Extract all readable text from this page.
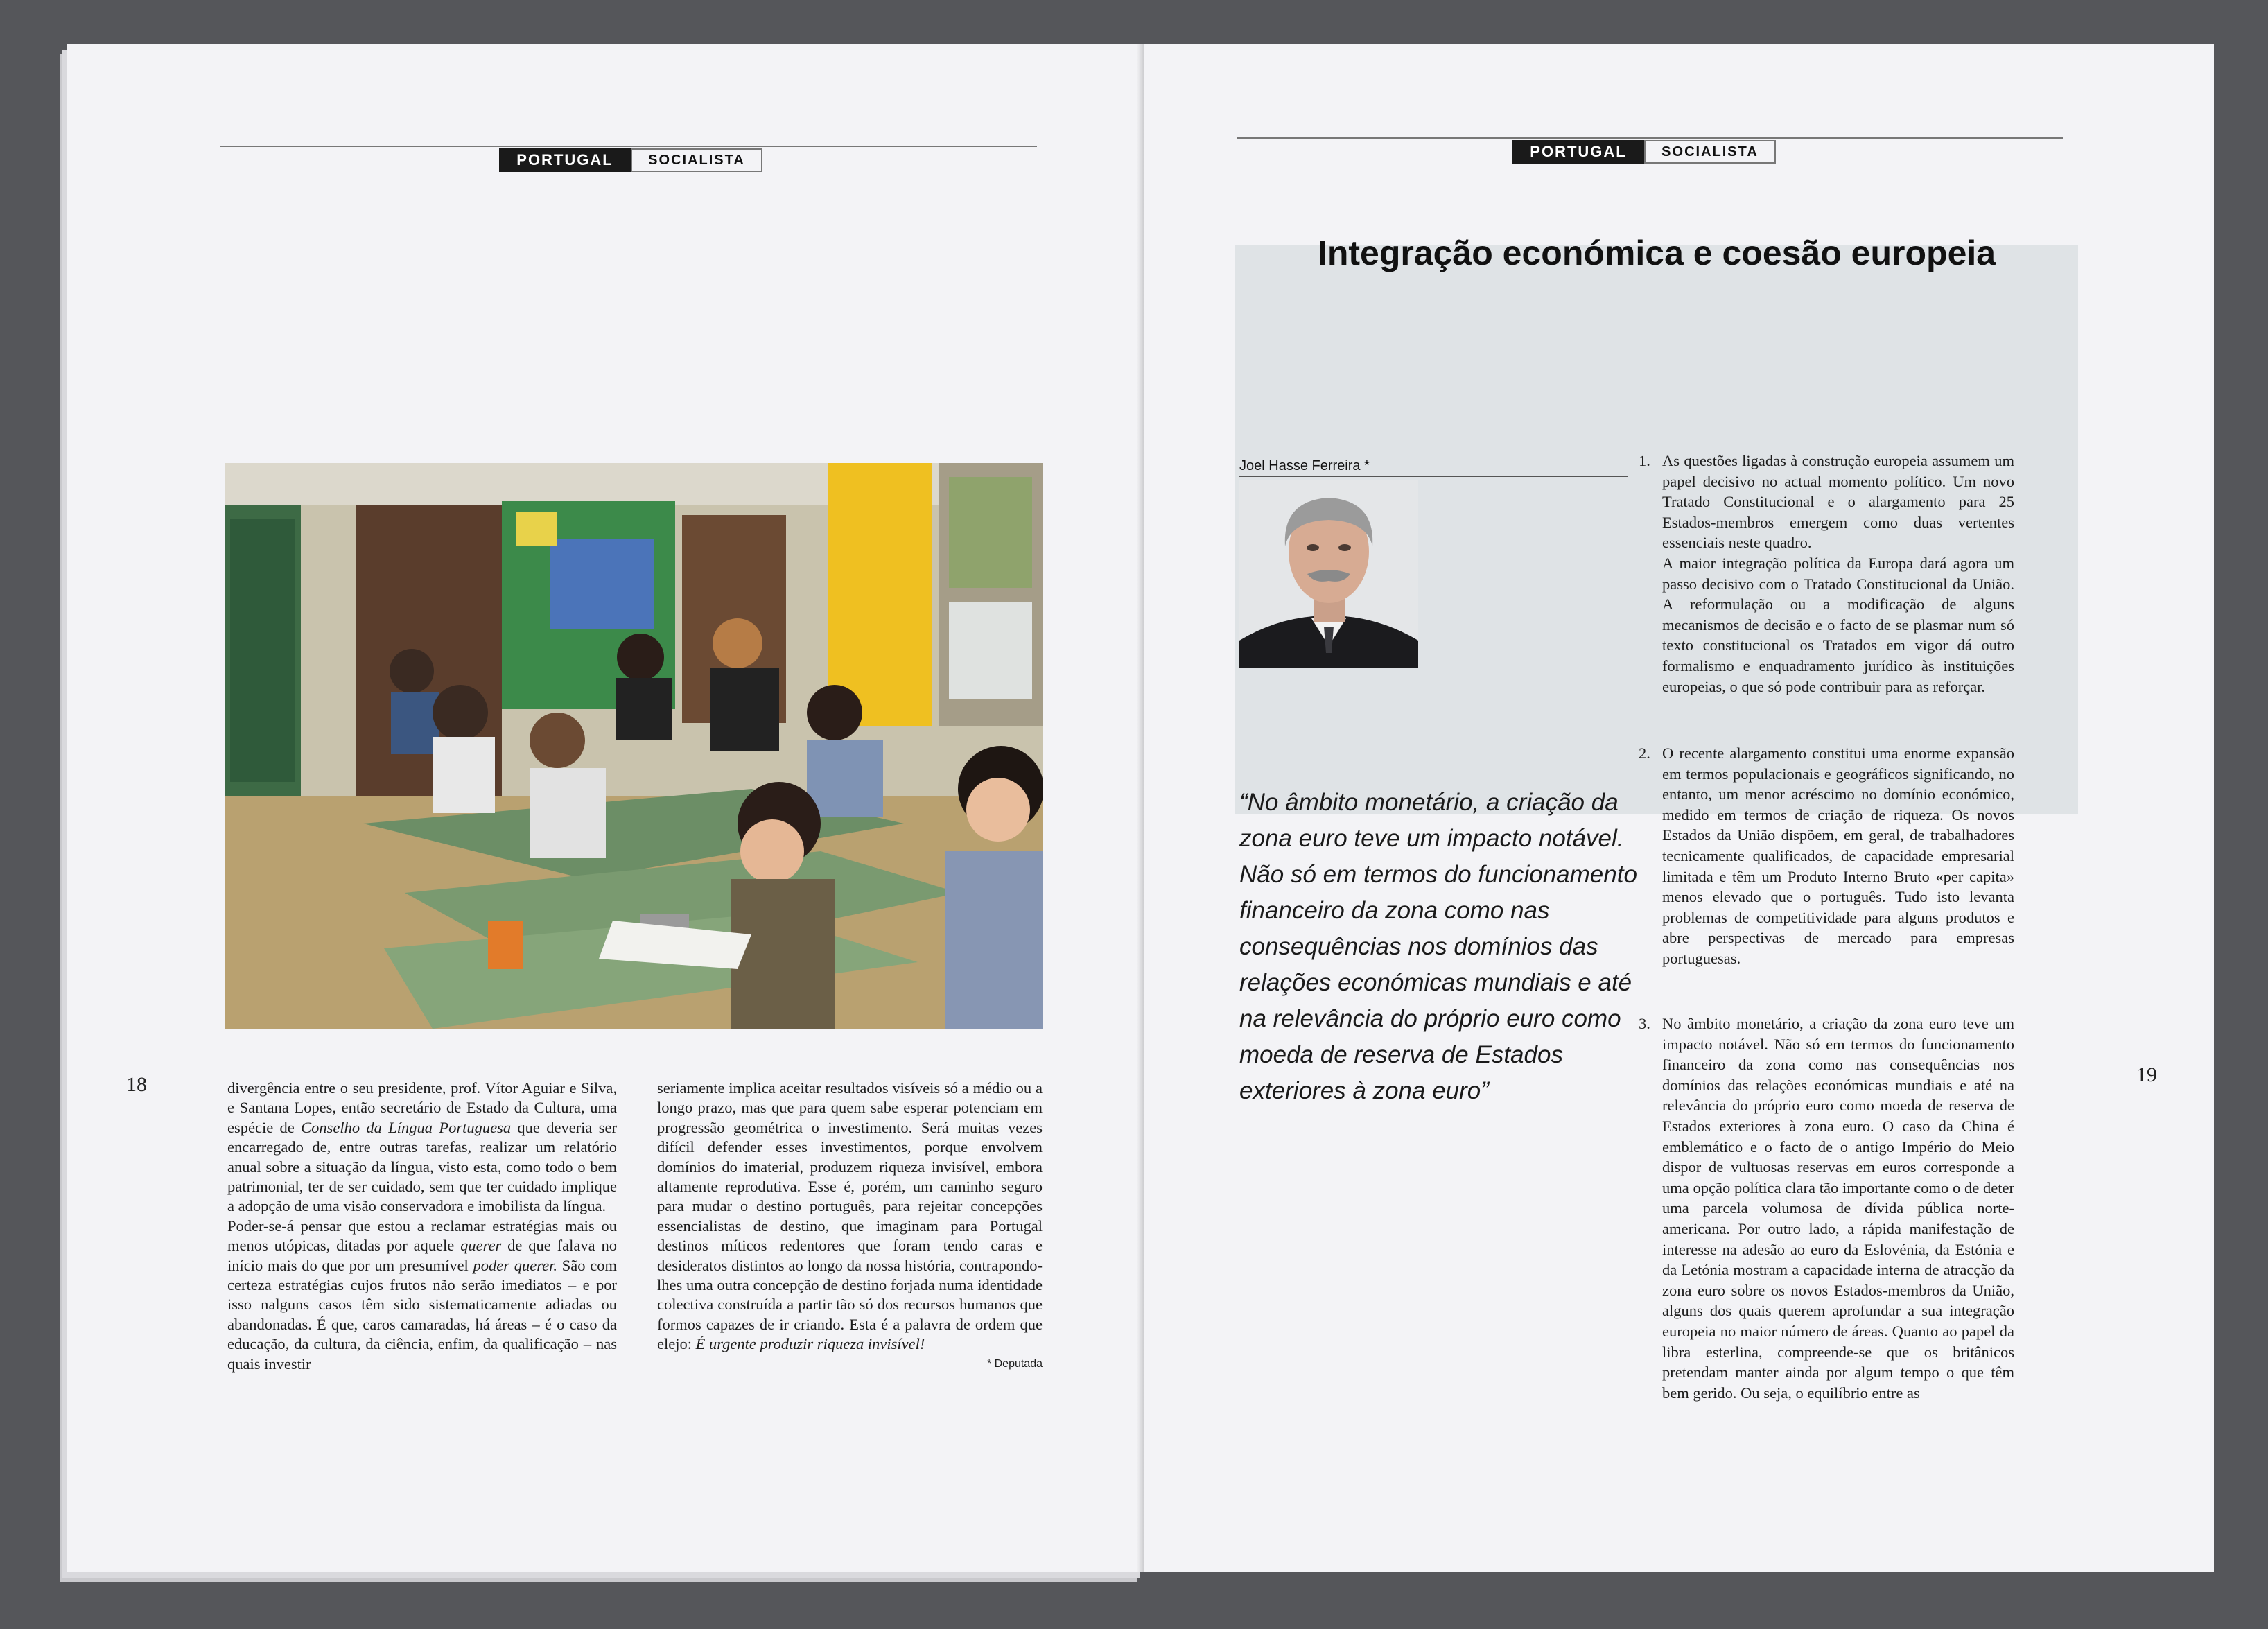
PORTUGAL	SOCIALISTA
18	divergência entre o seu presidente, prof. Vítor Aguiar e Silva, e Santana Lopes, então secretário de Estado da Cultura, uma espécie de Conselho da Língua Portuguesa que deveria ser encarregado de, entre outras tarefas, realizar um relatório anual sobre a situação da língua, visto esta, como todo o bem patrimonial, ter de ser cuidado, sem que ter cuidado implique a adopção de uma visão conservadora e imobilista da língua.

Poder-se-á pensar que estou a reclamar estratégias mais ou menos utópicas, ditadas por aquele querer de que falava no início mais do que por um presumível poder querer. São com certeza estratégias cujos frutos não serão imediatos – e por isso nalguns casos têm sido sistematicamente adiadas ou abandonadas. É que, caros camaradas, há áreas – é o caso da educação, da cultura, da ciência, enfim, da qualificação – nas quais investir

seriamente implica aceitar resultados visíveis só a médio ou a longo prazo, mas que para quem sabe esperar potenciam em progressão geométrica o investimento. Será muitas vezes difícil defender esses investimentos, porque envolvem domínios do imaterial, produzem riqueza invisível, embora altamente reprodutiva. Esse é, porém, um caminho seguro para mudar o destino português, para rejeitar concepções essencialistas de destino, que imaginam para Portugal destinos míticos redentores que foram tendo caras e desideratos distintos ao longo da nossa história, contrapondo-lhes uma outra concepção de destino forjada numa identidade colectiva construída a partir tão só dos recursos humanos que formos capazes de ir criando. Esta é a palavra de ordem que elejo: É urgente produzir riqueza invisível!

* Deputada

PORTUGAL	SOCIALISTA
Integração económica e coesão europeia
Joel Hasse Ferreira *
“No âmbito monetário, a criação da zona euro teve um impacto notável. Não só em termos do funcionamento financeiro da zona como nas consequências nos domínios das relações económicas mundiais e até na relevância do próprio euro como moeda de reserva de Estados exteriores à zona euro”
19
1. As questões ligadas à construção europeia assumem um papel decisivo no actual momento político. Um novo Tratado Constitucional e o alargamento para 25 Estados-membros emergem como duas vertentes essenciais neste quadro.
A maior integração política da Europa dará agora um passo decisivo com o Tratado Constitucional da União. A reformulação ou a modificação de alguns mecanismos de decisão e o facto de se plasmar num só texto constitucional os Tratados em vigor dá outro formalismo e enquadramento jurídico às instituições europeias, o que só pode contribuir para as reforçar.
2. O recente alargamento constitui uma enorme expansão em termos populacionais e geográficos significando, no entanto, um menor acréscimo no domínio económico, medido em termos de criação de riqueza. Os novos Estados da União dispõem, em geral, de trabalhadores tecnicamente qualificados, de capacidade empresarial limitada e têm um Produto Interno Bruto «per capita» menos elevado que o português. Tudo isto levanta problemas de competitividade para alguns produtos e abre perspectivas de mercado para empresas portuguesas.
3. No âmbito monetário, a criação da zona euro teve um impacto notável. Não só em termos do funcionamento financeiro da zona como nas consequências nos domínios das relações económicas mundiais e até na relevância do próprio euro como moeda de reserva de Estados exteriores à zona euro. O caso da China é emblemático e o facto de o antigo Império do Meio dispor de vultuosas reservas em euros corresponde a uma opção política clara tão importante como o de deter uma parcela volumosa de dívida pública norte-americana. Por outro lado, a rápida manifestação de interesse na adesão ao euro da Eslovénia, da Estónia e da Letónia mostram a capacidade interna de atracção da zona euro sobre os novos Estados-membros da União, alguns dos quais querem aprofundar a sua integração europeia no maior número de áreas. Quanto ao papel da libra esterlina, compreende-se que os britânicos pretendam manter ainda por algum tempo o que têm bem gerido. Ou seja, o equilíbrio entre as
